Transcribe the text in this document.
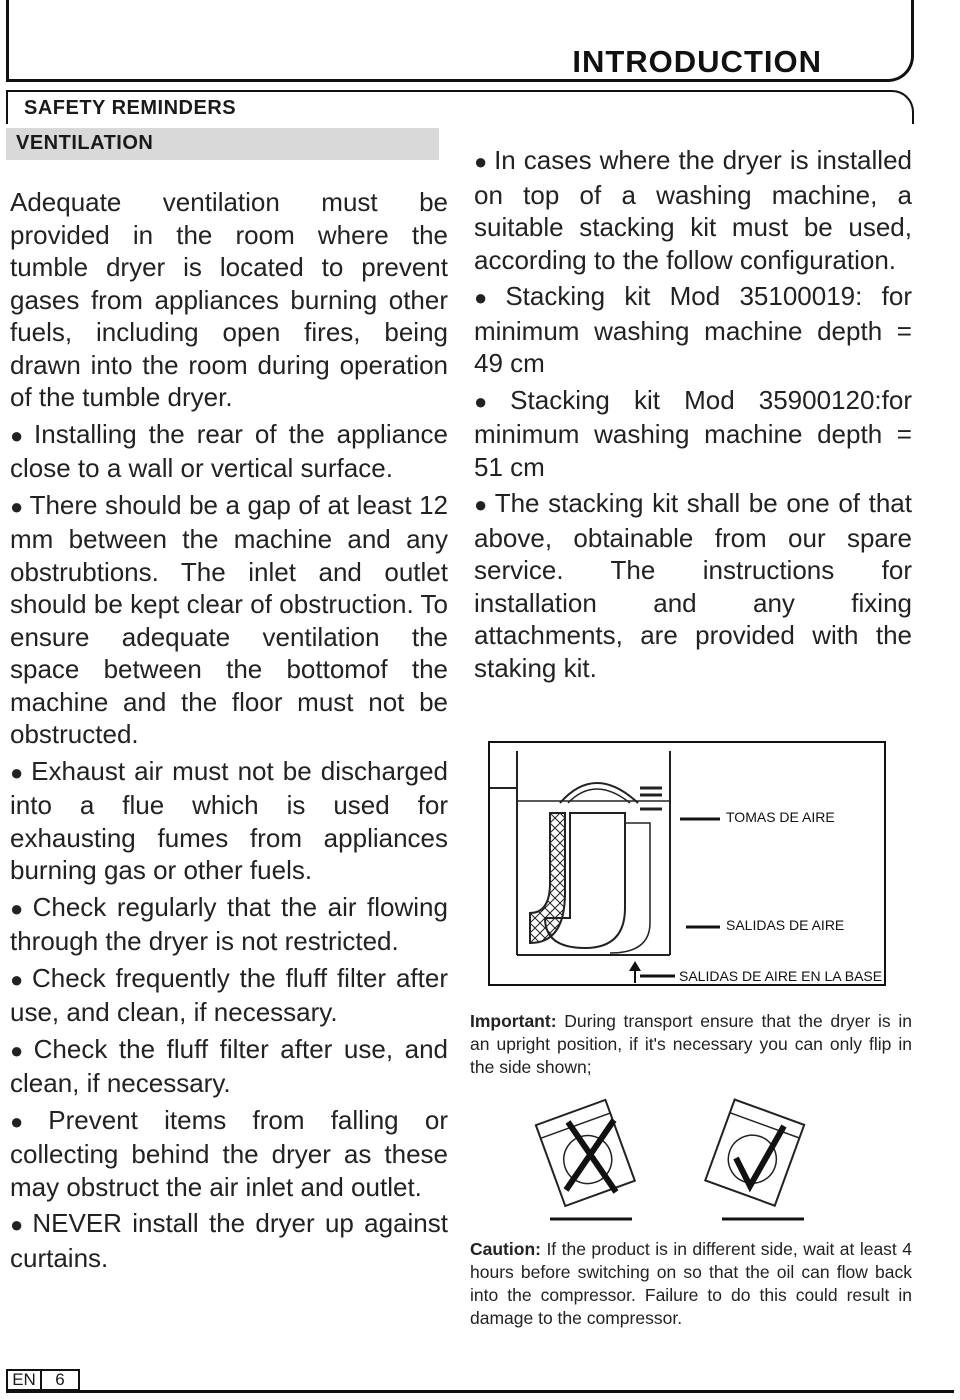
INTRODUCTION
SAFETY REMINDERS
VENTILATION

Adequate ventilation must be provided in the room where the tumble dryer is located to prevent gases from appliances burning other fuels, including open fires, being drawn into the room during operation of the tumble dryer.

● Installing the rear of the appliance close to a wall or vertical surface.

● There should be a gap of at least 12 mm between the machine and any obstrubtions. The inlet and outlet should be kept clear of obstruction. To ensure adequate ventilation the space between the bottomof the machine and the floor must not be obstructed.

● Exhaust air must not be discharged into a flue which is used for exhausting fumes from appliances burning gas or other fuels.

● Check regularly that the air flowing through the dryer is not restricted.

● Check frequently the fluff filter after use, and clean, if necessary.

● Check the fluff filter after use, and clean, if necessary.

● Prevent items from falling or collecting behind the dryer as these may obstruct the air inlet and outlet.

● NEVER install the dryer up against curtains.

● In cases where the dryer is installed on top of a washing machine, a suitable stacking kit must be used, according to the follow configuration.

● Stacking kit Mod 35100019: for minimum washing machine depth = 49 cm

● Stacking kit Mod 35900120:for minimum washing machine depth = 51 cm

● The stacking kit shall be one of that above, obtainable from our spare service. The instructions for installation and any fixing attachments, are provided with the staking kit.

TOMAS DE AIRE
SALIDAS DE AIRE
SALIDAS DE AIRE EN LA BASE
Important: During transport ensure that the dryer is in an upright position, if it's necessary you can only flip in the side shown;
Caution: If the product is in different side, wait at least 4 hours before switching on so that the oil can flow back into the compressor. Failure to do this could result in damage to the compressor.
EN	6
